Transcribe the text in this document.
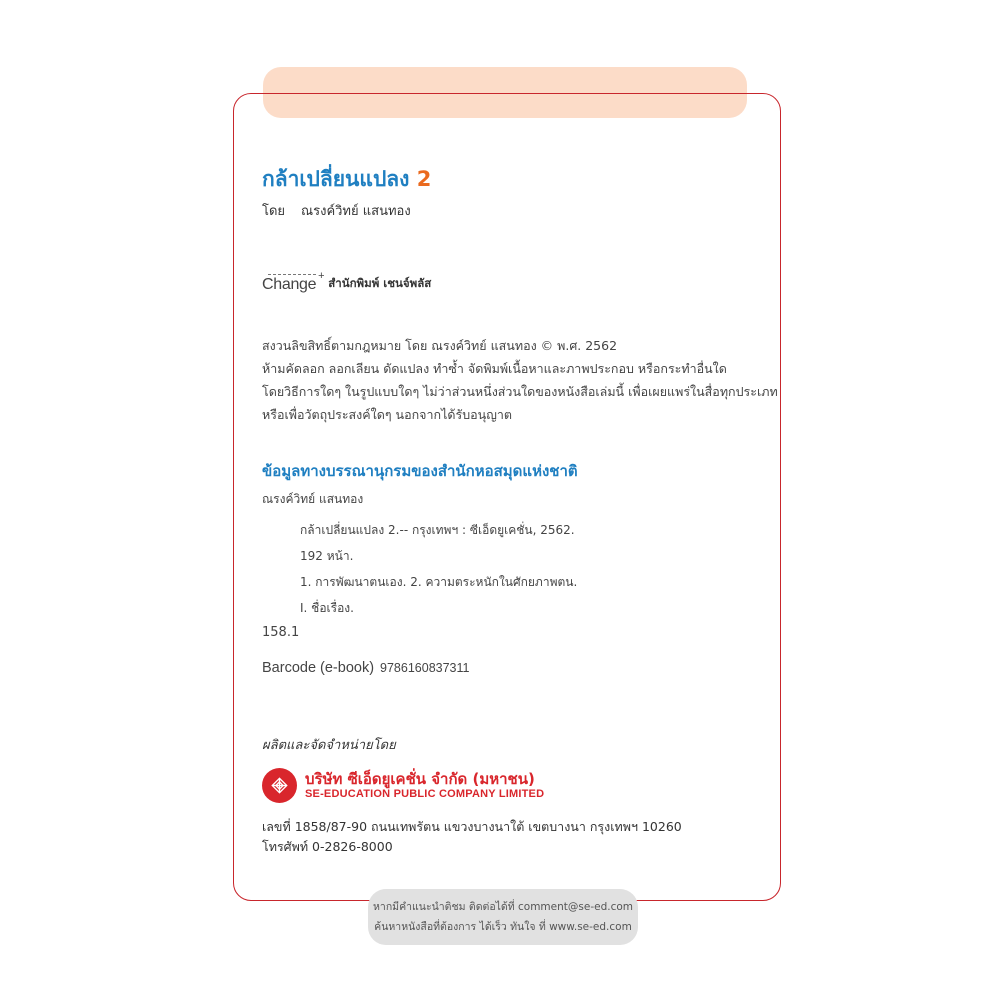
กล้าเปลี่ยนแปลง 2
โดย ณรงค์วิทย์ แสนทอง
Change + สำนักพิมพ์ เชนจ์พลัส
สงวนลิขสิทธิ์ตามกฎหมาย โดย ณรงค์วิทย์ แสนทอง © พ.ศ. 2562
ห้ามคัดลอก ลอกเลียน ดัดแปลง ทำซ้ำ จัดพิมพ์เนื้อหาและภาพประกอบ หรือกระทำอื่นใด
โดยวิธีการใดๆ ในรูปแบบใดๆ ไม่ว่าส่วนหนึ่งส่วนใดของหนังสือเล่มนี้ เพื่อเผยแพร่ในสื่อทุกประเภท
หรือเพื่อวัตถุประสงค์ใดๆ นอกจากได้รับอนุญาต
ข้อมูลทางบรรณานุกรมของสำนักหอสมุดแห่งชาติ
ณรงค์วิทย์ แสนทอง
กล้าเปลี่ยนแปลง 2.-- กรุงเทพฯ : ซีเอ็ดยูเคชั่น, 2562.
192 หน้า.
1. การพัฒนาตนเอง. 2. ความตระหนักในศักยภาพตน.
I. ชื่อเรื่อง.
158.1
Barcode (e-book) 9786160837311
ผลิตและจัดจำหน่ายโดย
บริษัท ซีเอ็ดยูเคชั่น จำกัด (มหาชน)
SE-EDUCATION PUBLIC COMPANY LIMITED
เลขที่ 1858/87-90 ถนนเทพรัตน แขวงบางนาใต้ เขตบางนา กรุงเทพฯ 10260
โทรศัพท์ 0-2826-8000
หากมีคำแนะนำติชม ติดต่อได้ที่ comment@se-ed.com
ค้นหาหนังสือที่ต้องการ ได้เร็ว ทันใจ ที่ www.se-ed.com
